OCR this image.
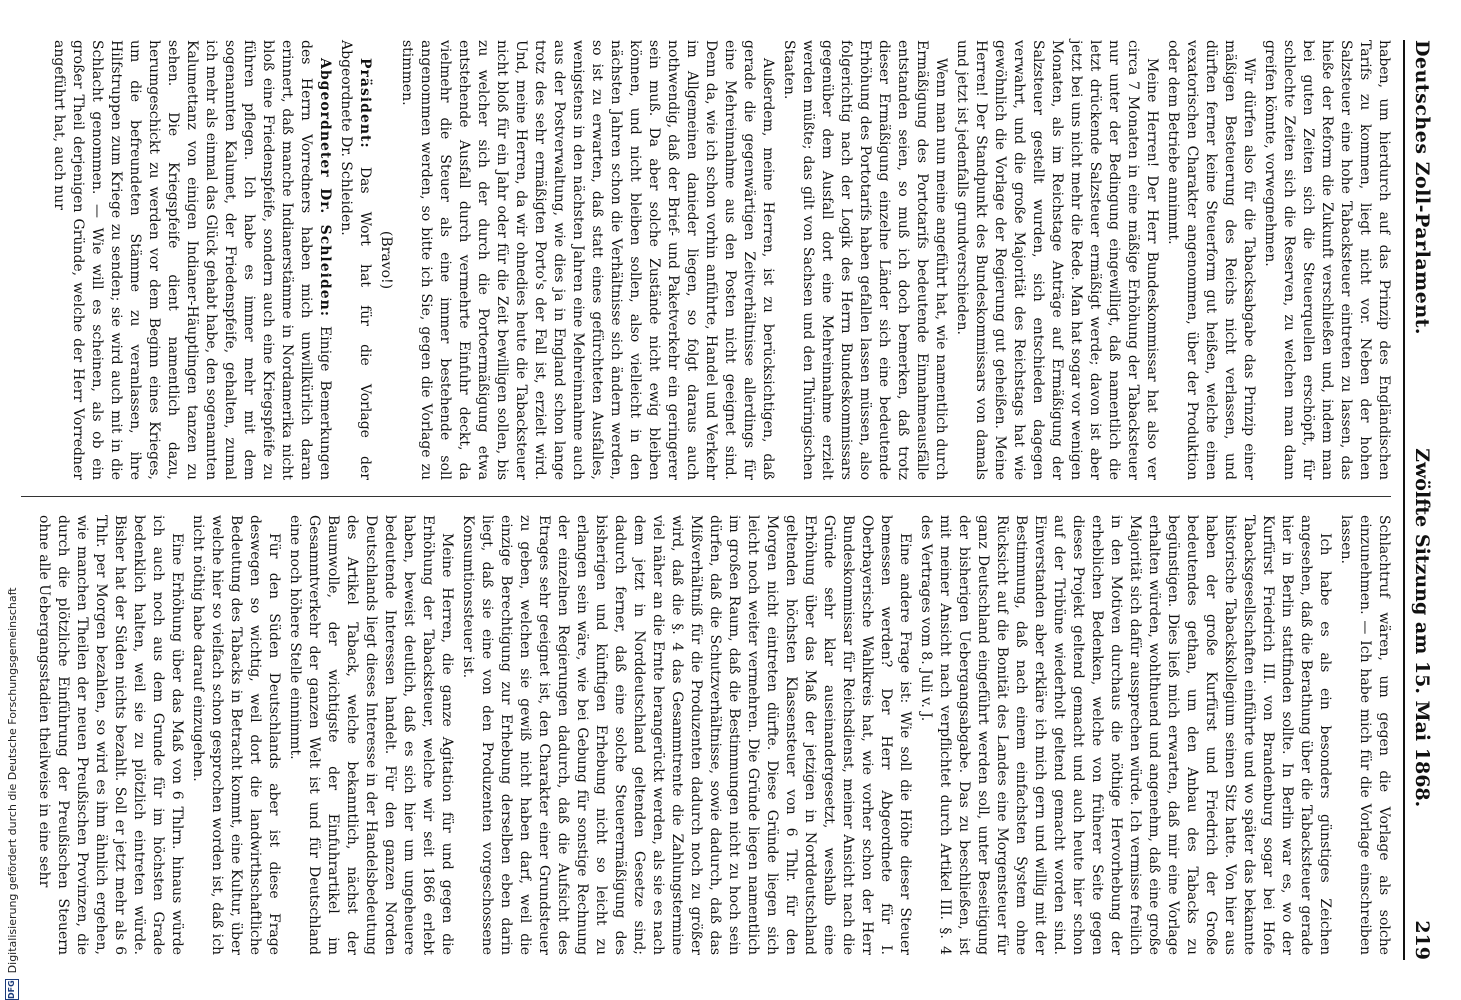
Deutsches Zoll-Parlament.
Zwölfte Sitzung am 15. Mai 1868.
219

haben, um hierdurch auf das Prinzip des Engländischen Tarifs zu kommen, liegt nicht vor. Neben der hohen Salzsteuer eine hohe Tabacksteuer eintreten zu lassen, das hieße der Reform die Zukunft verschließen und, indem man bei guten Zeiten sich die Steuerquellen erschöpft, für schlechte Zeiten sich die Reserven, zu welchen man dann greifen könnte, vorwegnehmen.

Wir dürfen also für die Tabacksabgabe das Prinzip einer mäßigen Besteuerung des Reichs nicht verlassen, und dürften ferner keine Steuerform gut heißen, welche einen vexatorischen Charakter angenommen, über der Produktion oder dem Betriebe annimmt.

Meine Herren! Der Herr Bundeskommissar hat also ver circa 7 Monaten in eine mäßige Erhöhung der Tabacksteuer nur unter der Bedingung eingewilligt, daß namentlich die letzt drückende Salzsteuer ermäßigt werde; davon ist aber jetzt bei uns nicht mehr die Rede. Man hat sogar vor wenigen Monaten, als im Reichstage Anträge auf Ermäßigung der Salzsteuer gestellt wurden, sich entschieden dagegen verwahrt, und die große Majorität des Reichstags hat wie gewöhnlich die Vorlage der Regierung gut geheißen. Meine Herren! Der Standpunkt des Bundeskommissars von damals und jetzt ist jedenfalls grundverschieden.

Wenn man nun meine angeführt hat, wie namentlich durch Ermäßigung des Portotarifs bedeutende Einnahmeausfälle entstanden seien, so muß ich doch bemerken, daß trotz dieser Ermäßigung einzelne Länder sich eine bedeutende Erhöhung des Portotarifs haben gefallen lassen müssen, also folgerichtig nach der Logik des Herrn Bundeskommissars gegenüber dem Ausfall dort eine Mehreinnahme erzielt werden müßte; das gilt von Sachsen und den Thüringischen Staaten.

Außerdem, meine Herren, ist zu berücksichtigen, daß gerade die gegenwärtigen Zeitverhältnisse allerdings für eine Mehreinnahme aus den Posten nicht geeignet sind. Denn da, wie ich schon vorhin anführte, Handel und Verkehr im Allgemeinen danieder liegen, so folgt daraus auch nothwendig, daß der Brief- und Paketverkehr ein geringerer sein muß. Da aber solche Zustände nicht ewig bleiben können, und nicht bleiben sollen, also vielleicht in den nächsten Jahren schon die Verhältnisse sich ändern werden, so ist zu erwarten, daß statt eines gefürchteten Ausfalles, wenigstens in den nächsten Jahren eine Mehreinnahme auch aus der Postverwaltung, wie dies ja in England schon lange trotz des sehr ermäßigten Porto's der Fall ist, erzielt wird. Und, meine Herren, da wir ohnedies heute die Tabacksteuer nicht bloß für ein Jahr oder für die Zeit bewilligen sollen, bis zu welcher sich der durch die Portoermäßigung etwa entstehende Ausfall durch vermehrte Einfuhr deckt, da vielmehr die Steuer als eine immer bestehende soll angenommen werden, so bitte ich Sie, gegen die Vorlage zu stimmen.

(Bravo!)

Präsident: Das Wort hat für die Vorlage der Abgeordnete Dr. Schleiden.

Abgeordneter Dr. Schleiden: Einige Bemerkungen des Herrn Vorredners haben mich unwillkürlich daran erinnert, daß manche Indianerstämme in Nordamerika nicht bloß eine Friedenspfeife, sondern auch eine Kriegspfeife zu führen pflegen. Ich habe es immer mehr mit dem sogenannten Kalumet, der Friedenspfeife, gehalten, zumal ich mehr als einmal das Glück gehabt habe, den sogenannten Kalumettanz von einigen Indianer-Häuptlingen tanzen zu sehen. Die Kriegspfeife dient namentlich dazu, herumgeschickt zu werden vor dem Beginn eines Krieges, um die befreundeten Stämme zu veranlassen, ihre Hilfstruppen zum Kriege zu senden; sie wird auch mit in die Schlacht genommen. — Wie will es scheinen, als ob ein großer Theil derjenigen Gründe, welche der Herr Vorredner angeführt hat, auch nur

Schlachtruf wären, um gegen die Vorlage als solche einzunehmen. — Ich habe mich für die Vorlage einschreiben lassen.

Ich habe es als ein besonders günstiges Zeichen angesehen, daß die Berathung über die Tabacksteuer gerade hier in Berlin stattfinden sollte. In Berlin war es, wo der Kurfürst Friedrich III. von Brandenburg sogar bei Hofe Tabacksgesellschaften einführte und wo später das bekannte historische Tabackskollegium seinen Sitz hatte. Von hier aus haben der große Kurfürst und Friedrich der Große bedeutendes gethan, um den Anbau des Tabacks zu begünstigen. Dies ließ mich erwarten, daß mir eine Vorlage erhalten würden, wohlthuend und angenehm, daß eine große Majorität sich dafür aussprechen würde. Ich vermisse freilich in den Motiven durchaus die nöthige Hervorhebung der erheblichen Bedenken, welche von früherer Seite gegen dieses Projekt geltend gemacht und auch heute hier schon auf der Tribüne wiederholt geltend gemacht worden sind. Einverstanden aber erkläre ich mich gern und willig mit der Bestimmung, daß nach einem einfachsten System ohne Rücksicht auf die Bonität des Landes eine Morgensteuer für ganz Deutschland eingeführt werden soll, unter Beseitigung der bisherigen Uebergangsabgabe. Das zu beschließen, ist mit meiner Ansicht nach verpflichtet durch Artikel III. §. 4 des Vertrages vom 8. Juli v. J.

Eine andere Frage ist: Wie soll die Höhe dieser Steuer bemessen werden? Der Herr Abgeordnete für I. Oberbayerische Wahlkreis hat, wie vorher schon der Herr Bundeskommissar für Reichsdienst, meiner Ansicht nach die Gründe sehr klar auseinandergesetzt, weshalb eine Erhöhung über das Maß der jetzigen in Norddeutschland geltenden höchsten Klassensteuer von 6 Thlr. für den Morgen nicht eintreten dürfte. Diese Gründe liegen sich leicht noch weiter vermehren. Die Gründe liegen namentlich im großen Raum, daß die Bestimmungen nicht zu hoch sein dürfen, daß die Schutzverhältnisse, sowie dadurch, daß das Mißverhältniß für die Produzenten dadurch noch zu größer wird, daß die §. 4 das Gesammtrente die Zahlungstermine viel näher an die Ernte herangerückt werden, als sie es nach dem jetzt in Norddeutschland geltenden Gesetze sind; dadurch ferner, daß eine solche Steuerermäßigung des bisherigen und künftigen Erhebung nicht so leicht zu erlangen sein wäre, wie bei Gebung für sonstige Rechnung der einzelnen Regierungen dadurch, daß die Aufsicht des Etrages sehr geeignet ist, den Charakter einer Grundsteuer zu geben, welchen sie gewiß nicht haben darf, weil die einzige Berechtigung zur Erhebung derselben eben darin liegt, daß sie eine von den Produzenten vorgeschossene Konsumtionssteuer ist.

Meine Herren, die ganze Agitation für und gegen die Erhöhung der Tabacksteuer, welche wir seit 1866 erlebt haben, beweist deutlich, daß es sich hier um ungeheuere bedeutende Interessen handelt. Für den ganzen Norden Deutschlands liegt dieses Interesse in der Handelsbedeutung des Artikel Taback, welche bekanntlich, nächst der Baumwolle, der wichtigste der Einfuhrartikel im Gesammtverkehr der ganzen Welt ist und für Deutschland eine noch höhere Stelle einnimmt.

Für den Süden Deutschlands aber ist diese Frage deswegen so wichtig, weil dort die landwirthschaftliche Bedeutung des Tabacks in Betracht kommt, eine Kultur, über welche hier so vielfach schon gesprochen worden ist, daß ich nicht nöthig habe darauf einzugehen.

Eine Erhöhung über das Maß von 6 Thlrn. hinaus würde ich auch noch aus dem Grunde für im höchsten Grade bedenklich halten, weil sie zu plötzlich eintreten würde. Bisher hat der Süden nichts bezahlt. Soll er jetzt mehr als 6 Thlr. per Morgen bezahlen, so wird es ihm ähnlich ergehen, wie manchen Theilen der neuen Preußischen Provinzen, die durch die plötzliche Einführung der Preußischen Steuern ohne alle Uebergangsstadien theilweise in eine sehr

DFG
Digitalisierung gefördert durch die Deutsche Forschungsgemeinschaft
